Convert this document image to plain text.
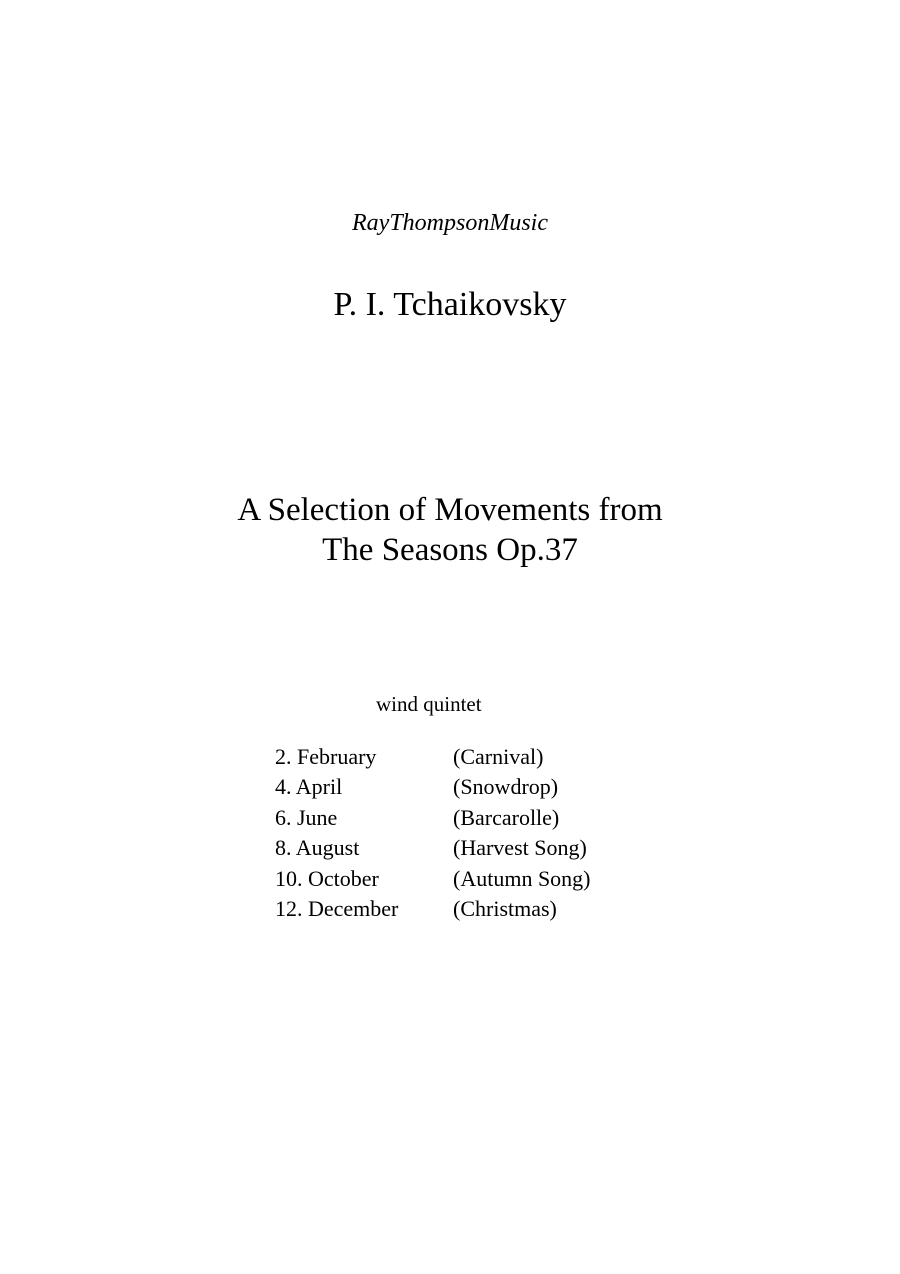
RayThompsonMusic
P. I. Tchaikovsky
A Selection of Movements from
The Seasons Op.37
wind quintet
2. February	(Carnival)
4. April	(Snowdrop)
6. June	(Barcarolle)
8. August	(Harvest Song)
10. October	(Autumn Song)
12. December (Christmas)
